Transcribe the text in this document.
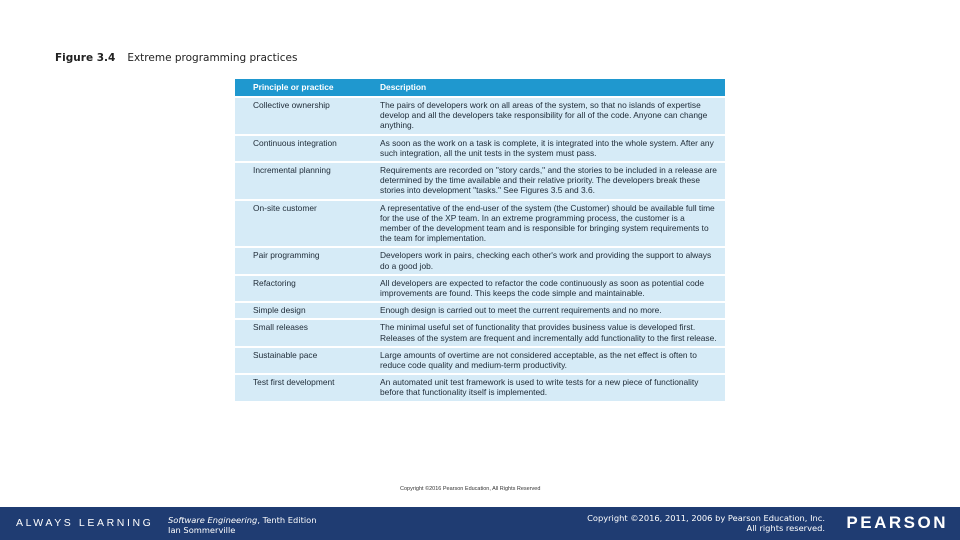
Figure 3.4 Extreme programming practices
Principle or practice	Description
Collective ownership	The pairs of developers work on all areas of the system, so that no islands of expertise develop and all the developers take responsibility for all of the code. Anyone can change anything.
Continuous integration	As soon as the work on a task is complete, it is integrated into the whole system. After any such integration, all the unit tests in the system must pass.
Incremental planning	Requirements are recorded on "story cards," and the stories to be included in a release are determined by the time available and their relative priority. The developers break these stories into development "tasks." See Figures 3.5 and 3.6.
On-site customer	A representative of the end-user of the system (the Customer) should be available full time for the use of the XP team. In an extreme programming process, the customer is a member of the development team and is responsible for bringing system requirements to the team for implementation.
Pair programming	Developers work in pairs, checking each other's work and providing the support to always do a good job.
Refactoring	All developers are expected to refactor the code continuously as soon as potential code improvements are found. This keeps the code simple and maintainable.
Simple design	Enough design is carried out to meet the current requirements and no more.
Small releases	The minimal useful set of functionality that provides business value is developed first. Releases of the system are frequent and incrementally add functionality to the first release.
Sustainable pace	Large amounts of overtime are not considered acceptable, as the net effect is often to reduce code quality and medium-term productivity.
Test first development	An automated unit test framework is used to write tests for a new piece of functionality before that functionality itself is implemented.
Copyright ©2016 Pearson Education, All Rights Reserved
ALWAYS LEARNING Software Engineering, Tenth Edition
Ian Sommerville
Copyright ©2016, 2011, 2006 by Pearson Education, Inc.
All rights reserved. PEARSON
